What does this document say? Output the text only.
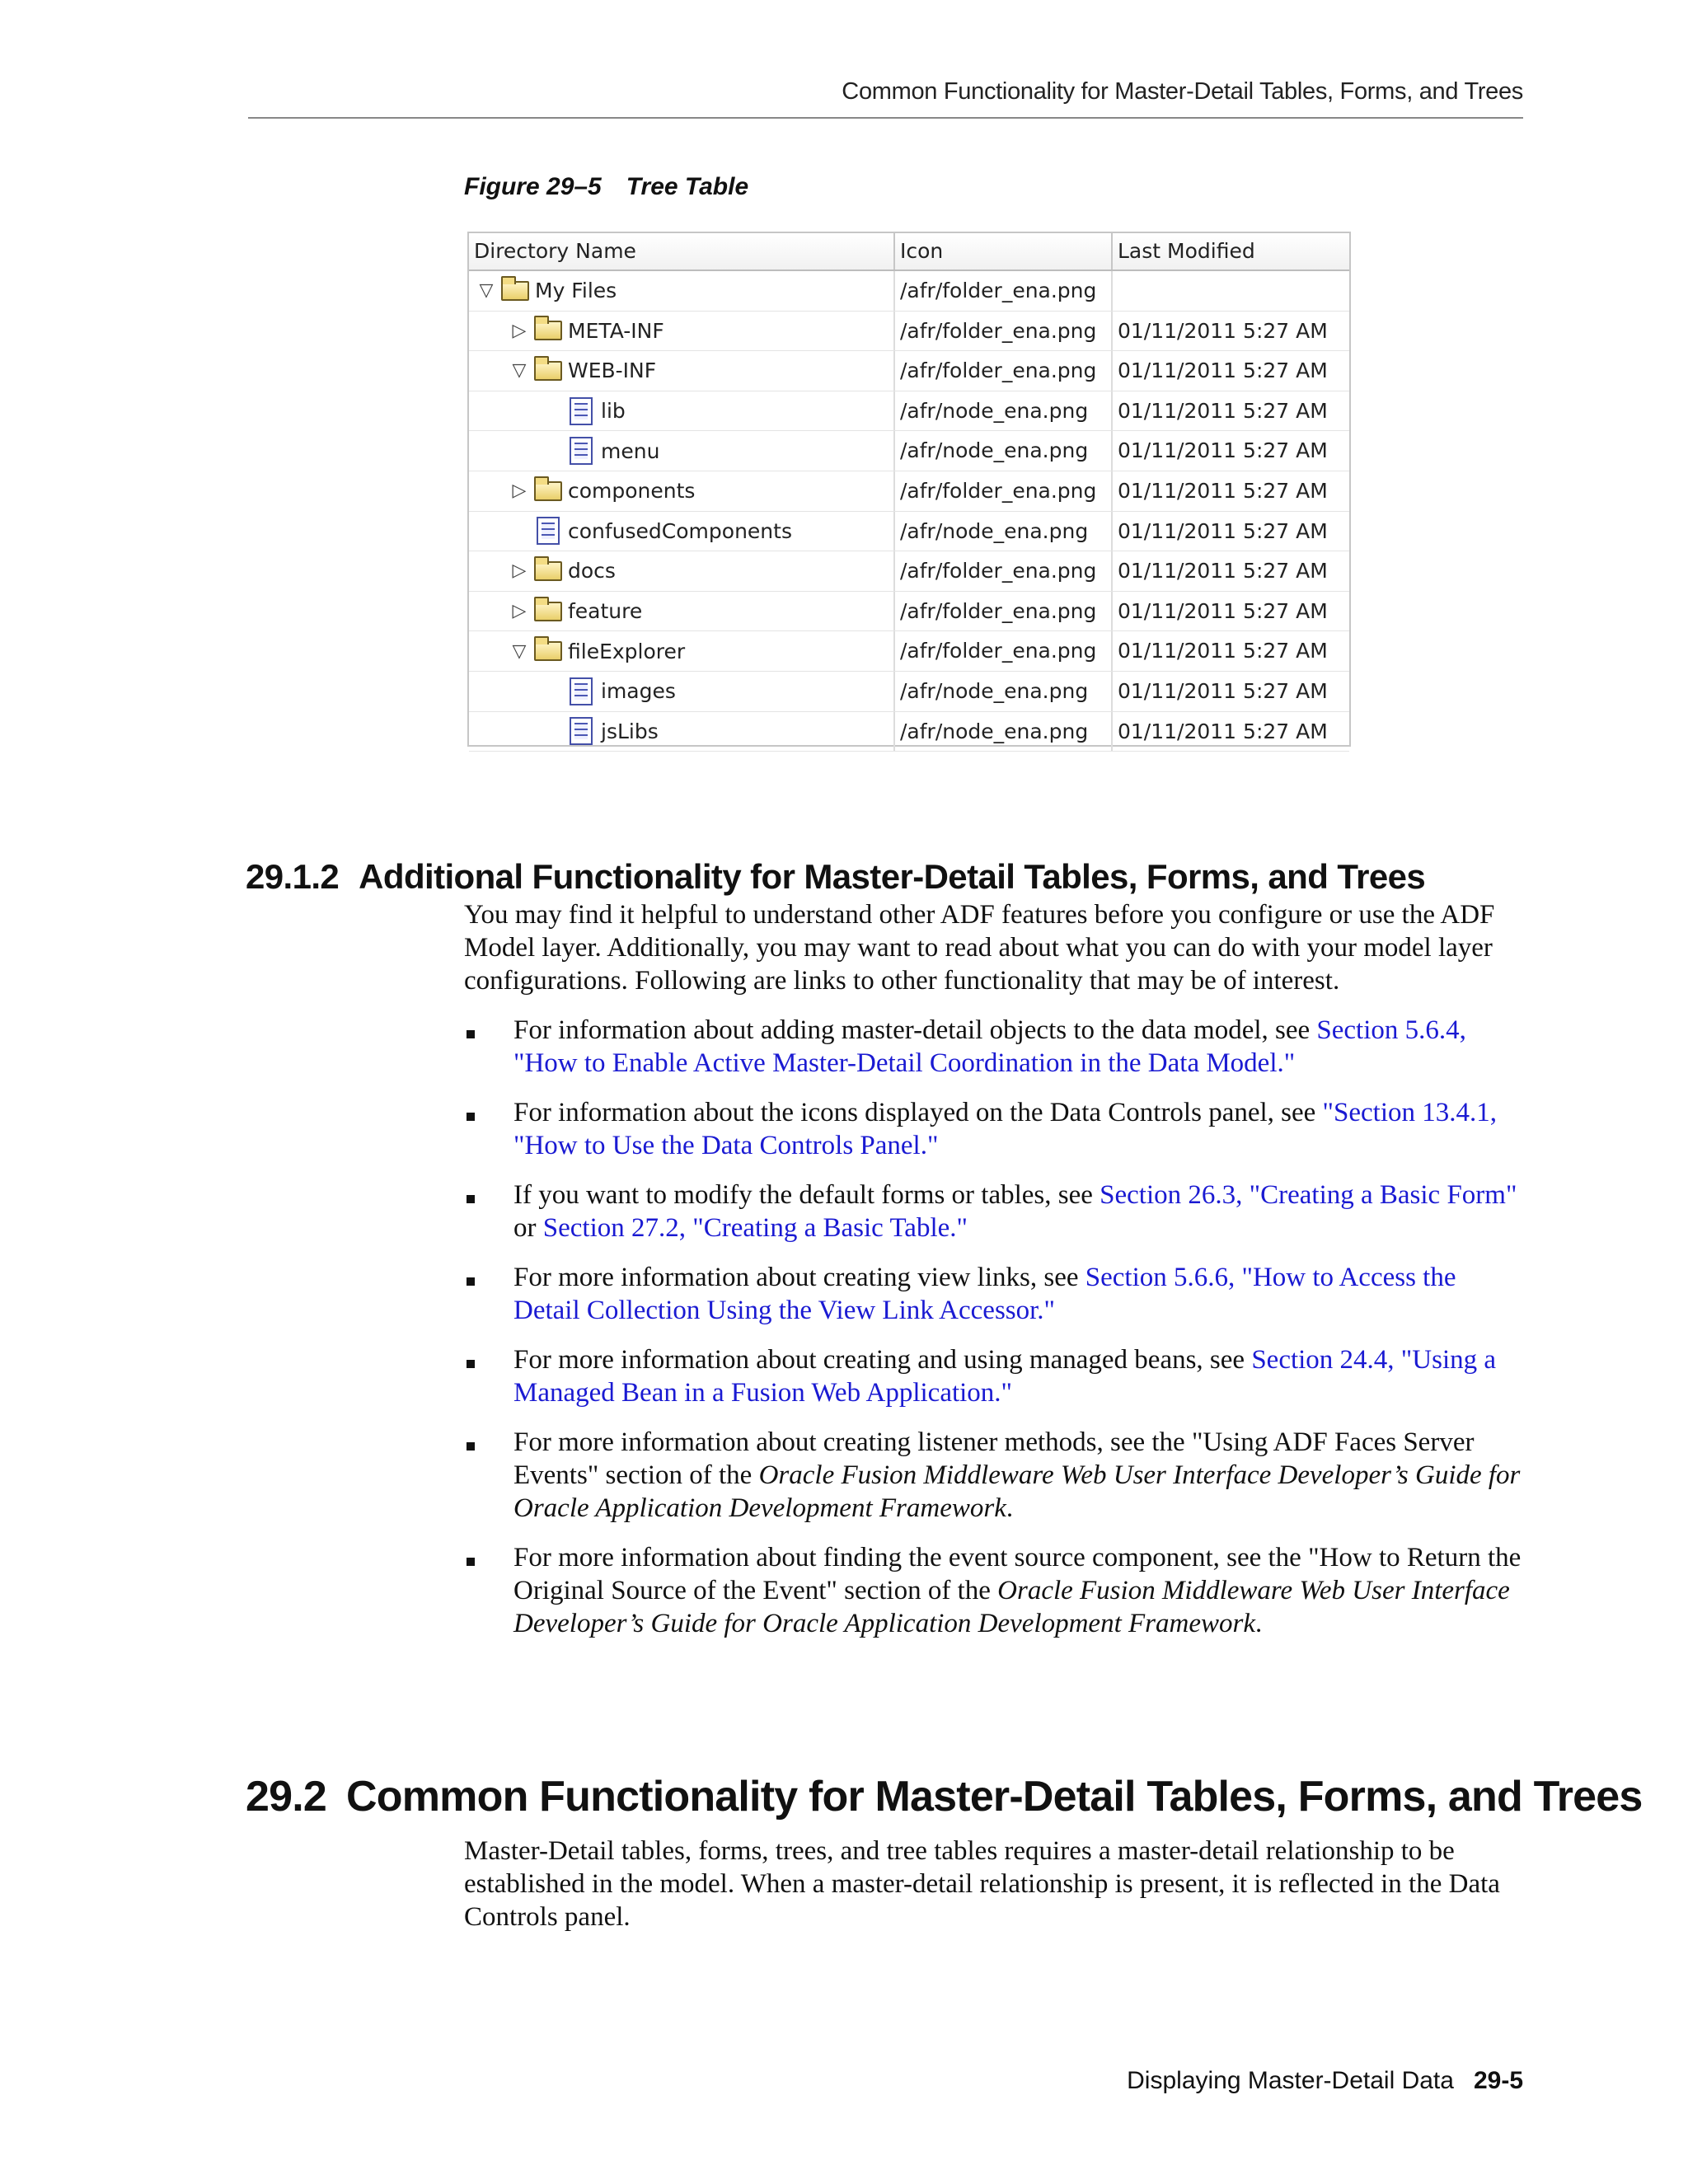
Common Functionality for Master-Detail Tables, Forms, and Trees
Figure 29–5 Tree Table
Directory Name	Icon	Last Modified
▽ My Files	/afr/folder_ena.png
▷ META-INF	/afr/folder_ena.png	01/11/2011 5:27 AM
▽ WEB-INF	/afr/folder_ena.png	01/11/2011 5:27 AM
lib	/afr/node_ena.png	01/11/2011 5:27 AM
menu	/afr/node_ena.png	01/11/2011 5:27 AM
▷ components	/afr/folder_ena.png	01/11/2011 5:27 AM
confusedComponents	/afr/node_ena.png	01/11/2011 5:27 AM
▷ docs	/afr/folder_ena.png	01/11/2011 5:27 AM
▷ feature	/afr/folder_ena.png	01/11/2011 5:27 AM
▽ fileExplorer	/afr/folder_ena.png	01/11/2011 5:27 AM
images	/afr/node_ena.png	01/11/2011 5:27 AM
jsLibs	/afr/node_ena.png	01/11/2011 5:27 AM
29.1.2 Additional Functionality for Master-Detail Tables, Forms, and Trees

You may find it helpful to understand other ADF features before you configure or use the ADF Model layer. Additionally, you may want to read about what you can do with your model layer configurations. Following are links to other functionality that may be of interest.

For information about adding master-detail objects to the data model, see Section 5.6.4, "How to Enable Active Master-Detail Coordination in the Data Model."
For information about the icons displayed on the Data Controls panel, see "Section 13.4.1, "How to Use the Data Controls Panel."
If you want to modify the default forms or tables, see Section 26.3, "Creating a Basic Form" or Section 27.2, "Creating a Basic Table."
For more information about creating view links, see Section 5.6.6, "How to Access the Detail Collection Using the View Link Accessor."
For more information about creating and using managed beans, see Section 24.4, "Using a Managed Bean in a Fusion Web Application."
For more information about creating listener methods, see the "Using ADF Faces Server Events" section of the Oracle Fusion Middleware Web User Interface Developer’s Guide for Oracle Application Development Framework.
For more information about finding the event source component, see the "How to Return the Original Source of the Event" section of the Oracle Fusion Middleware Web User Interface Developer’s Guide for Oracle Application Development Framework.
29.2 Common Functionality for Master-Detail Tables, Forms, and Trees

Master-Detail tables, forms, trees, and tree tables requires a master-detail relationship to be established in the model. When a master-detail relationship is present, it is reflected in the Data Controls panel.

Displaying Master-Detail Data 29-5
